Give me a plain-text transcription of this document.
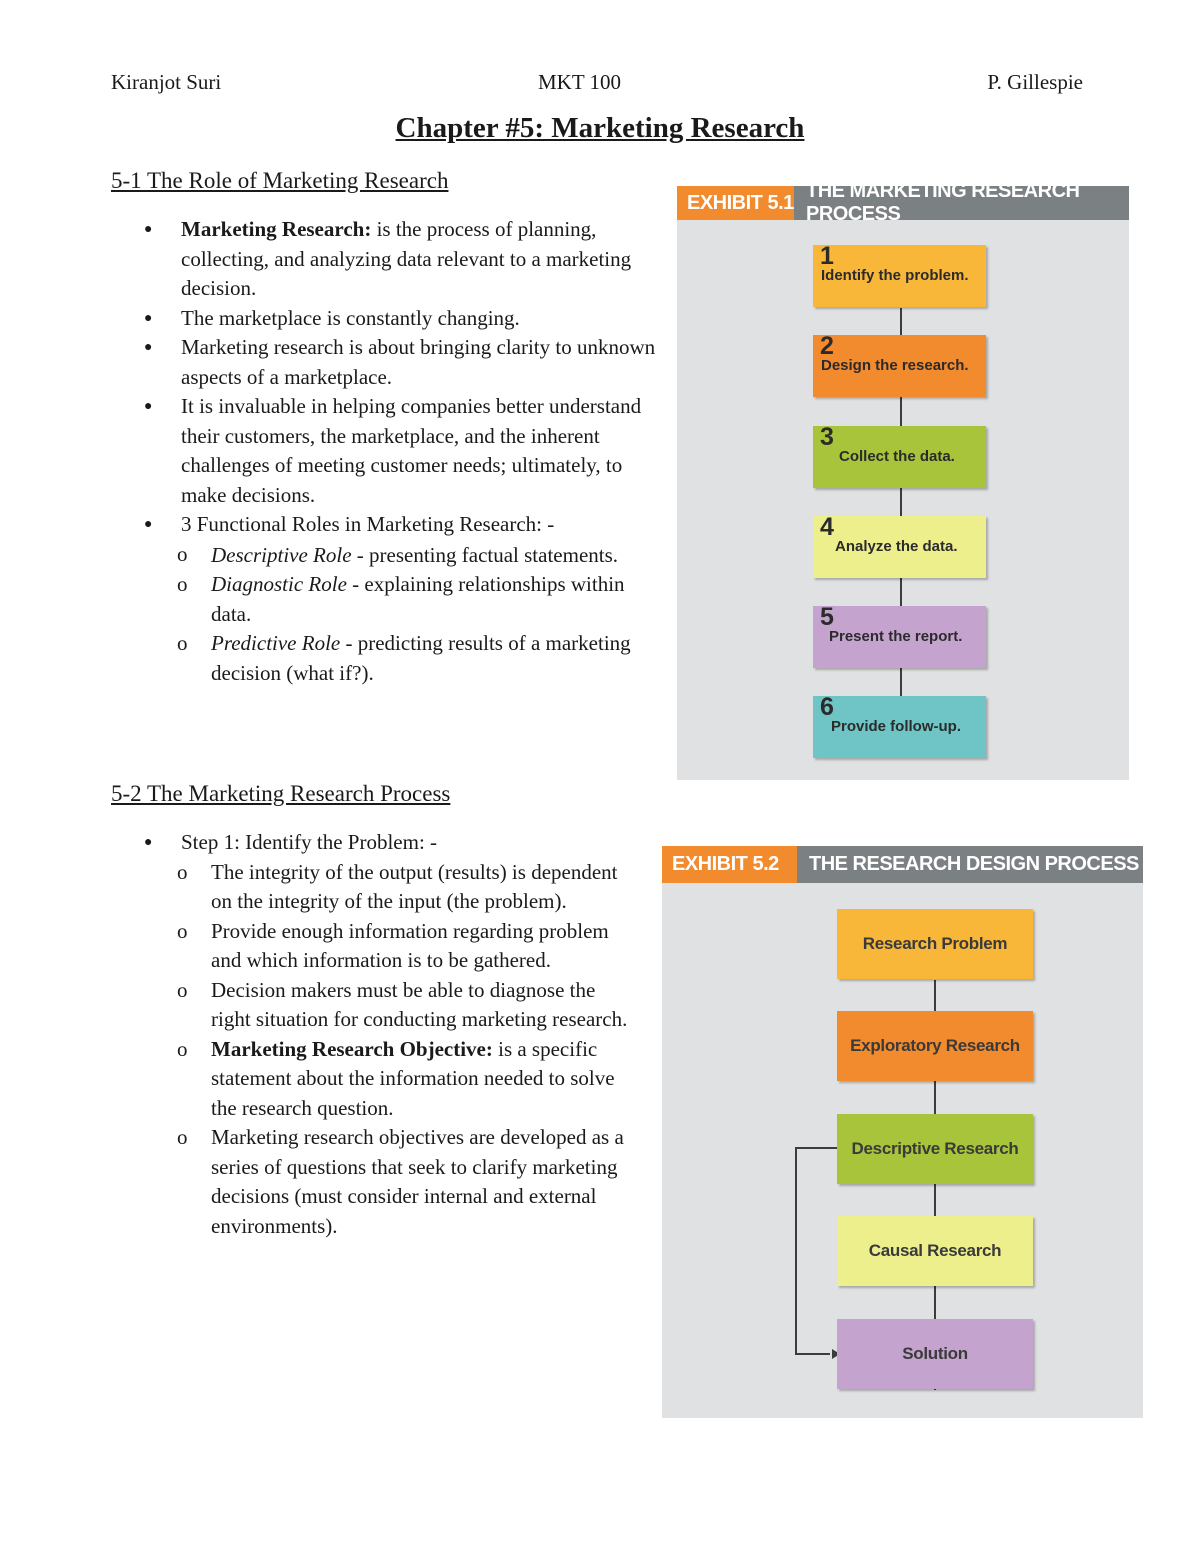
Kiranjot Suri	MKT 100	P. Gillespie
Chapter #5: Marketing Research
5-1 The Role of Marketing Research
● Marketing Research: is the process of planning, collecting, and analyzing data relevant to a marketing decision.
● The marketplace is constantly changing.
● Marketing research is about bringing clarity to unknown aspects of a marketplace.
● It is invaluable in helping companies better understand their customers, the marketplace, and the inherent challenges of meeting customer needs; ultimately, to make decisions.
● 3 Functional Roles in Marketing Research: -
o Descriptive Role - presenting factual statements.
o Diagnostic Role - explaining relationships within data.
o Predictive Role - predicting results of a marketing decision (what if?).
5-2 The Marketing Research Process
● Step 1: Identify the Problem: -
o The integrity of the output (results) is dependent on the integrity of the input (the problem).
o Provide enough information regarding problem and which information is to be gathered.
o Decision makers must be able to diagnose the right situation for conducting marketing research.
o Marketing Research Objective: is a specific statement about the information needed to solve the research question.
o Marketing research objectives are developed as a series of questions that seek to clarify marketing decisions (must consider internal and external environments).
EXHIBIT 5.1
THE MARKETING RESEARCH PROCESS
1
Identify the problem.
2
Design the research.
3
Collect the data.
4
Analyze the data.
5
Present the report.
6
Provide follow-up.
EXHIBIT 5.2	THE RESEARCH DESIGN PROCESS
Research Problem
Exploratory Research
Descriptive Research
Causal Research
Solution
